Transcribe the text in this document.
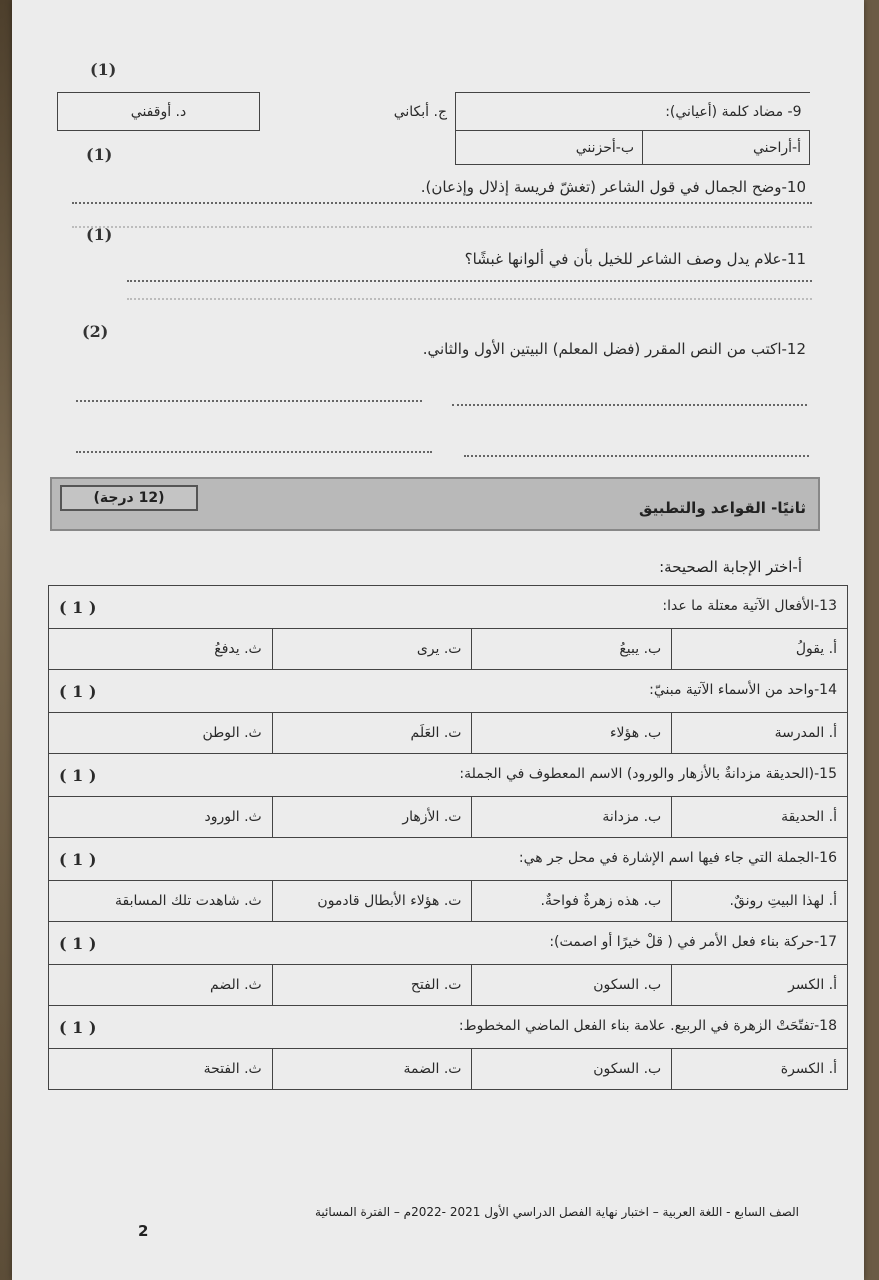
(1)
9- مضاد كلمة (أعياني):		ج. أبكاني	د. أوقفني
أ-أراحني	ب-أحزنني		
(1)
10-وضح الجمال في قول الشاعر (تغشّ فريسة إذلال وإذعان).
(1)
11-علام يدل وصف الشاعر للخيل بأن في ألوانها غبشًا؟
(2)
12-اكتب من النص المقرر (فضل المعلم) البيتين الأول والثاني.
ثانيًا- القواعد والتطبيق
(12 درجة)
أ-اختر الإجابة الصحيحة:
13-الأفعال الآتية معتلة ما عدا:
( 1 )			

أ. يقولُ	ب. يبيعُ	ت. يرى	ث. يدفعُ
14-واحد من الأسماء الآتية مبنيّ:
( 1 )			

أ. المدرسة	ب. هؤلاء	ت. العَلَم	ث. الوطن
15-(الحديقة مزدانةٌ بالأزهار والورود) الاسم المعطوف في الجملة:
( 1 )			

أ. الحديقة	ب. مزدانة	ت. الأزهار	ث. الورود
16-الجملة التي جاء فيها اسم الإشارة في محل جر هي:
( 1 )			

أ. لهذا البيتِ رونقٌ.	ب. هذه زهرةٌ فواحةٌ.	ت. هؤلاء الأبطال قادمون	ث. شاهدت تلك المسابقة
17-حركة بناء فعل الأمر في ( قلْ خيرًا أو اصمت):
( 1 )			

أ. الكسر	ب. السكون	ت. الفتح	ث. الضم
18-تفتّحَتْ الزهرة في الربيع. علامة بناء الفعل الماضي المخطوط:
( 1 )			

أ. الكسرة	ب. السكون	ت. الضمة	ث. الفتحة
الصف السابع - اللغة العربية – اختبار نهاية الفصل الدراسي الأول 2021 -2022م – الفترة المسائية
2
